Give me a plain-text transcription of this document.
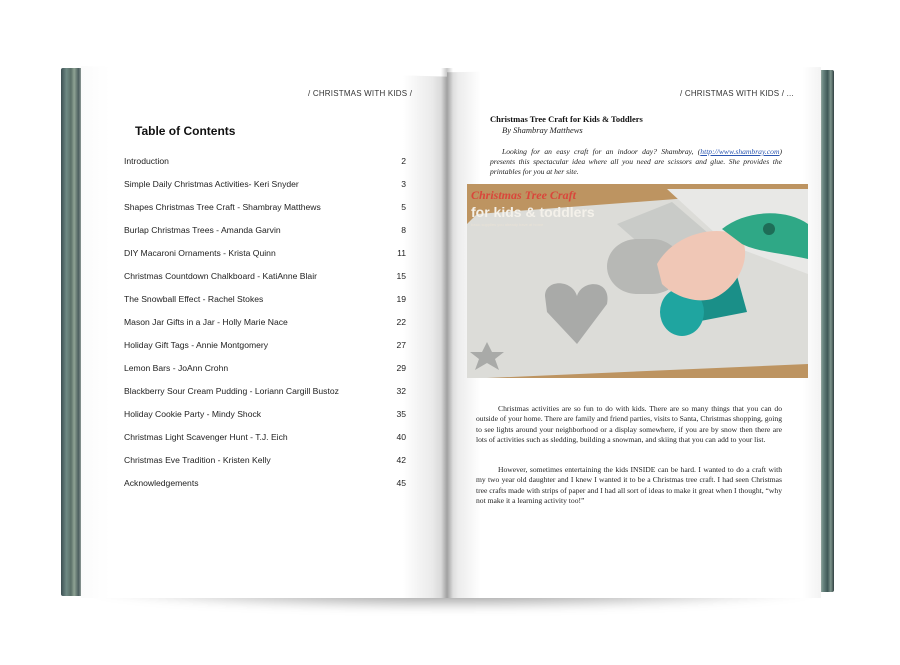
/ CHRISTMAS WITH KIDS /
Table of Contents
Introduction	2
Simple Daily Christmas Activities- Keri Snyder	3
Shapes Christmas Tree Craft - Shambray Matthews	5
Burlap Christmas Trees - Amanda Garvin	8
DIY Macaroni Ornaments - Krista Quinn	11
Christmas Countdown Chalkboard - KatiAnne Blair	15
The Snowball Effect - Rachel Stokes	19
Mason Jar Gifts in a Jar - Holly Marie Nace	22
Holiday Gift Tags - Annie Montgomery	27
Lemon Bars - JoAnn Crohn	29
Blackberry Sour Cream Pudding - Loriann Cargill Bustoz	32
Holiday Cookie Party - Mindy Shock	35
Christmas Light Scavenger Hunt - T.J. Eich	40
Christmas Eve Tradition - Kristen Kelly	42
Acknowledgements	45
/ CHRISTMAS WITH KIDS / ...
Christmas Tree Craft for Kids & Toddlers
By Shambray Matthews

Looking for an easy craft for an indoor day? Shambray, (http://www.shambray.com) presents this spectacular idea where all you need are scissors and glue. She provides the printables for you at her site.

Christmas Tree Craft
for kids & toddlers
basic supplies you already have at home

Christmas activities are so fun to do with kids. There are so many things that you can do outside of your home. There are family and friend parties, visits to Santa, Christmas shopping, going to see lights around your neighborhood or a display somewhere, if you are by snow then there are lots of activities such as sledding, building a snowman, and skiing that you can add to your list.

However, sometimes entertaining the kids INSIDE can be hard. I wanted to do a craft with my two year old daughter and I knew I wanted it to be a Christmas tree craft. I had seen Christmas tree crafts made with strips of paper and I had all sort of ideas to make it great when I thought, “why not make it a learning activity too!”
